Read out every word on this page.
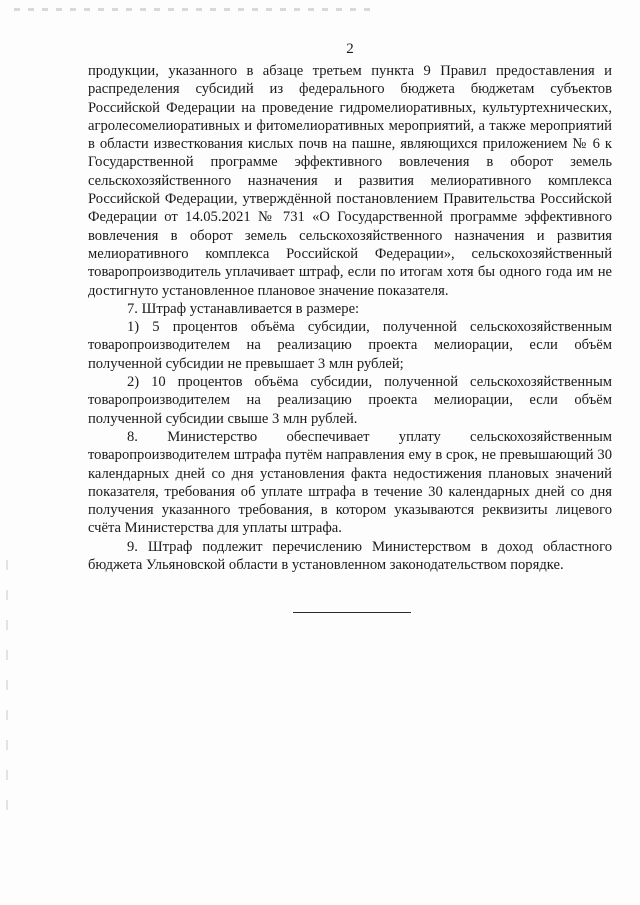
2

продукции, указанного в абзаце третьем пункта 9 Правил предоставления и распределения субсидий из федерального бюджета бюджетам субъектов Российской Федерации на проведение гидромелиоративных, культуртехнических, агролесомелиоративных и фитомелиоративных мероприятий, а также мероприятий в области известкования кислых почв на пашне, являющихся приложением № 6 к Государственной программе эффективного вовлечения в оборот земель сельскохозяйственного назначения и развития мелиоративного комплекса Российской Федерации, утверждённой постановлением Правительства Российской Федерации от 14.05.2021 № 731 «О Государственной программе эффективного вовлечения в оборот земель сельскохозяйственного назначения и развития мелиоративного комплекса Российской Федерации», сельскохозяйственный товаропроизводитель уплачивает штраф, если по итогам хотя бы одного года им не достигнуто установленное плановое значение показателя.

7. Штраф устанавливается в размере:

1) 5 процентов объёма субсидии, полученной сельскохозяйственным товаропроизводителем на реализацию проекта мелиорации, если объём полученной субсидии не превышает 3 млн рублей;

2) 10 процентов объёма субсидии, полученной сельскохозяйственным товаропроизводителем на реализацию проекта мелиорации, если объём полученной субсидии свыше 3 млн рублей.

8. Министерство обеспечивает уплату сельскохозяйственным товаропроизводителем штрафа путём направления ему в срок, не превышающий 30 календарных дней со дня установления факта недостижения плановых значений показателя, требования об уплате штрафа в течение 30 календарных дней со дня получения указанного требования, в котором указываются реквизиты лицевого счёта Министерства для уплаты штрафа.

9. Штраф подлежит перечислению Министерством в доход областного бюджета Ульяновской области в установленном законодательством порядке.
